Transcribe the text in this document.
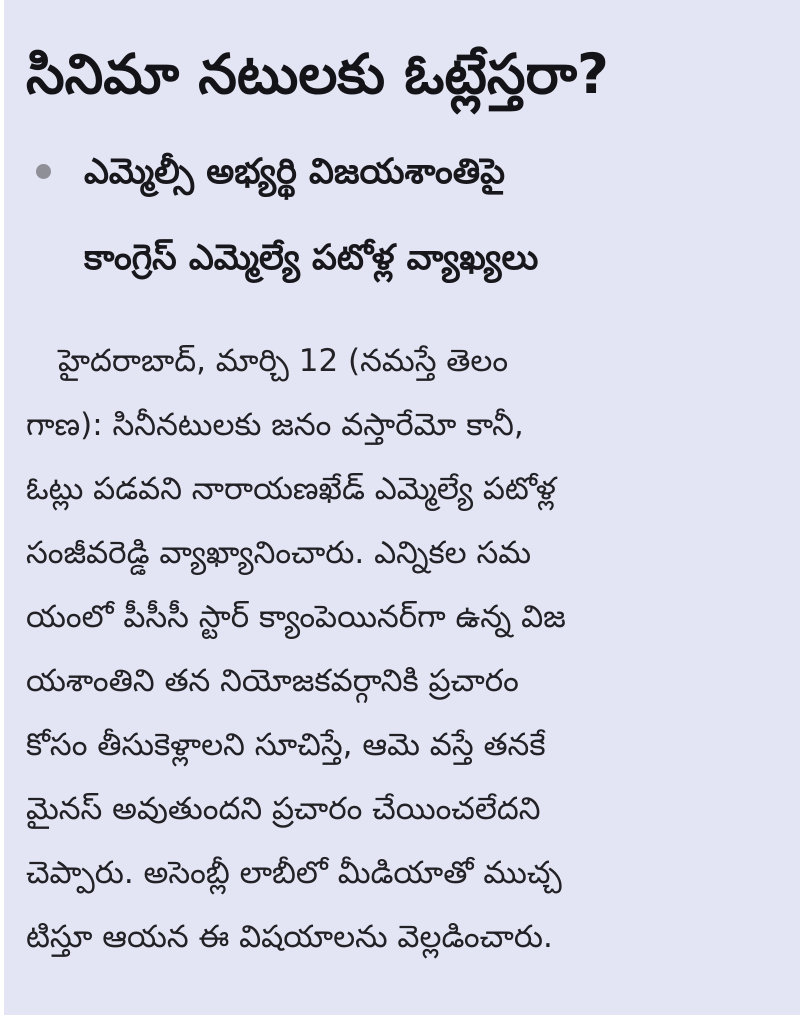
సినిమా నటులకు ఓట్లేస్తరా?

ఎమ్మెల్సీ అభ్యర్థి విజయశాంతిపై

కాంగ్రెస్ ఎమ్మెల్యే పటోళ్ల వ్యాఖ్యలు

హైదరాబాద్, మార్చి 12 (నమస్తే తెలం

గాణ): సినీనటులకు జనం వస్తారేమో కానీ,

ఓట్లు పడవని నారాయణఖేడ్ ఎమ్మెల్యే పటోళ్ల

సంజీవరెడ్డి వ్యాఖ్యానించారు. ఎన్నికల సమ

యంలో పీసీసీ స్టార్ క్యాంపెయినర్‌గా ఉన్న విజ

యశాంతిని తన నియోజకవర్గానికి ప్రచారం

కోసం తీసుకెళ్లాలని సూచిస్తే, ఆమె వస్తే తనకే

మైనస్ అవుతుందని ప్రచారం చేయించలేదని

చెప్పారు. అసెంబ్లీ లాబీలో మీడియాతో ముచ్చ

టిస్తూ ఆయన ఈ విషయాలను వెల్లడించారు.
